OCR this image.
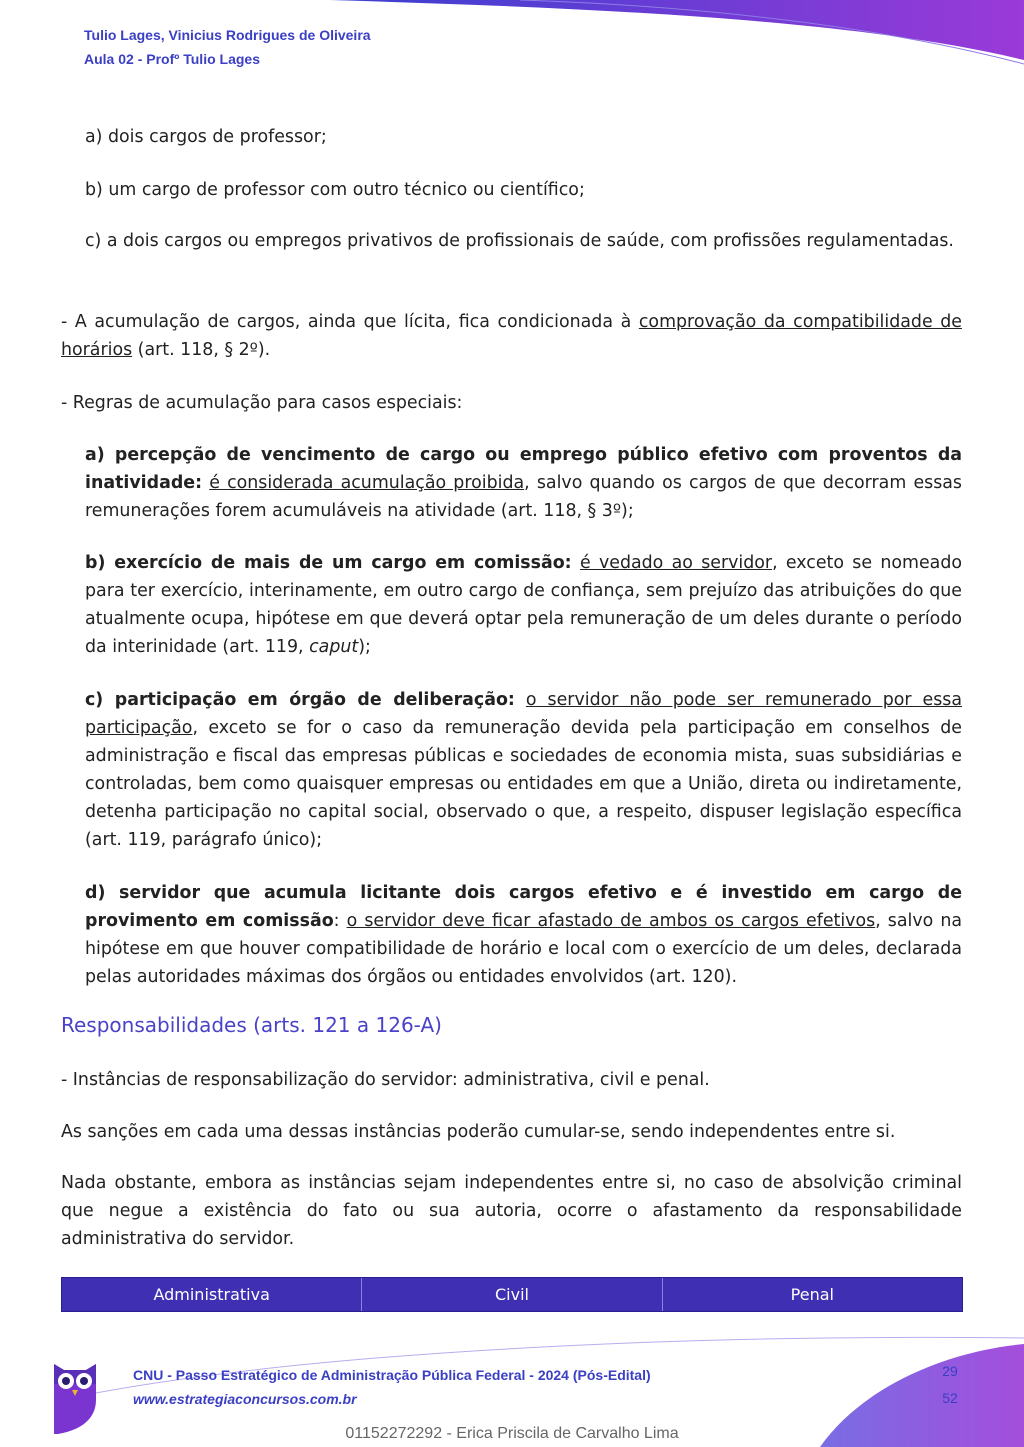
Tulio Lages, Vinicius Rodrigues de Oliveira
Aula 02 - Profº Tulio Lages

a) dois cargos de professor;

b) um cargo de professor com outro técnico ou científico;

c) a dois cargos ou empregos privativos de profissionais de saúde, com profissões regulamentadas.

- A acumulação de cargos, ainda que lícita, fica condicionada à comprovação da compatibilidade de horários (art. 118, § 2º).

- Regras de acumulação para casos especiais:

a) percepção de vencimento de cargo ou emprego público efetivo com proventos da inatividade: é considerada acumulação proibida, salvo quando os cargos de que decorram essas remunerações forem acumuláveis na atividade (art. 118, § 3º);

b) exercício de mais de um cargo em comissão: é vedado ao servidor, exceto se nomeado para ter exercício, interinamente, em outro cargo de confiança, sem prejuízo das atribuições do que atualmente ocupa, hipótese em que deverá optar pela remuneração de um deles durante o período da interinidade (art. 119, caput);

c) participação em órgão de deliberação: o servidor não pode ser remunerado por essa participação, exceto se for o caso da remuneração devida pela participação em conselhos de administração e fiscal das empresas públicas e sociedades de economia mista, suas subsidiárias e controladas, bem como quaisquer empresas ou entidades em que a União, direta ou indiretamente, detenha participação no capital social, observado o que, a respeito, dispuser legislação específica (art. 119, parágrafo único);

d) servidor que acumula licitante dois cargos efetivo e é investido em cargo de provimento em comissão: o servidor deve ficar afastado de ambos os cargos efetivos, salvo na hipótese em que houver compatibilidade de horário e local com o exercício de um deles, declarada pelas autoridades máximas dos órgãos ou entidades envolvidos (art. 120).

Responsabilidades (arts. 121 a 126-A)

- Instâncias de responsabilização do servidor: administrativa, civil e penal.

As sanções em cada uma dessas instâncias poderão cumular-se, sendo independentes entre si.

Nada obstante, embora as instâncias sejam independentes entre si, no caso de absolvição criminal que negue a existência do fato ou sua autoria, ocorre o afastamento da responsabilidade administrativa do servidor.

Administrativa	Civil	Penal
CNU - Passo Estratégico de Administração Pública Federal - 2024 (Pós-Edital)
www.estrategiaconcursos.com.br
29
52
01152272292 - Erica Priscila de Carvalho Lima
